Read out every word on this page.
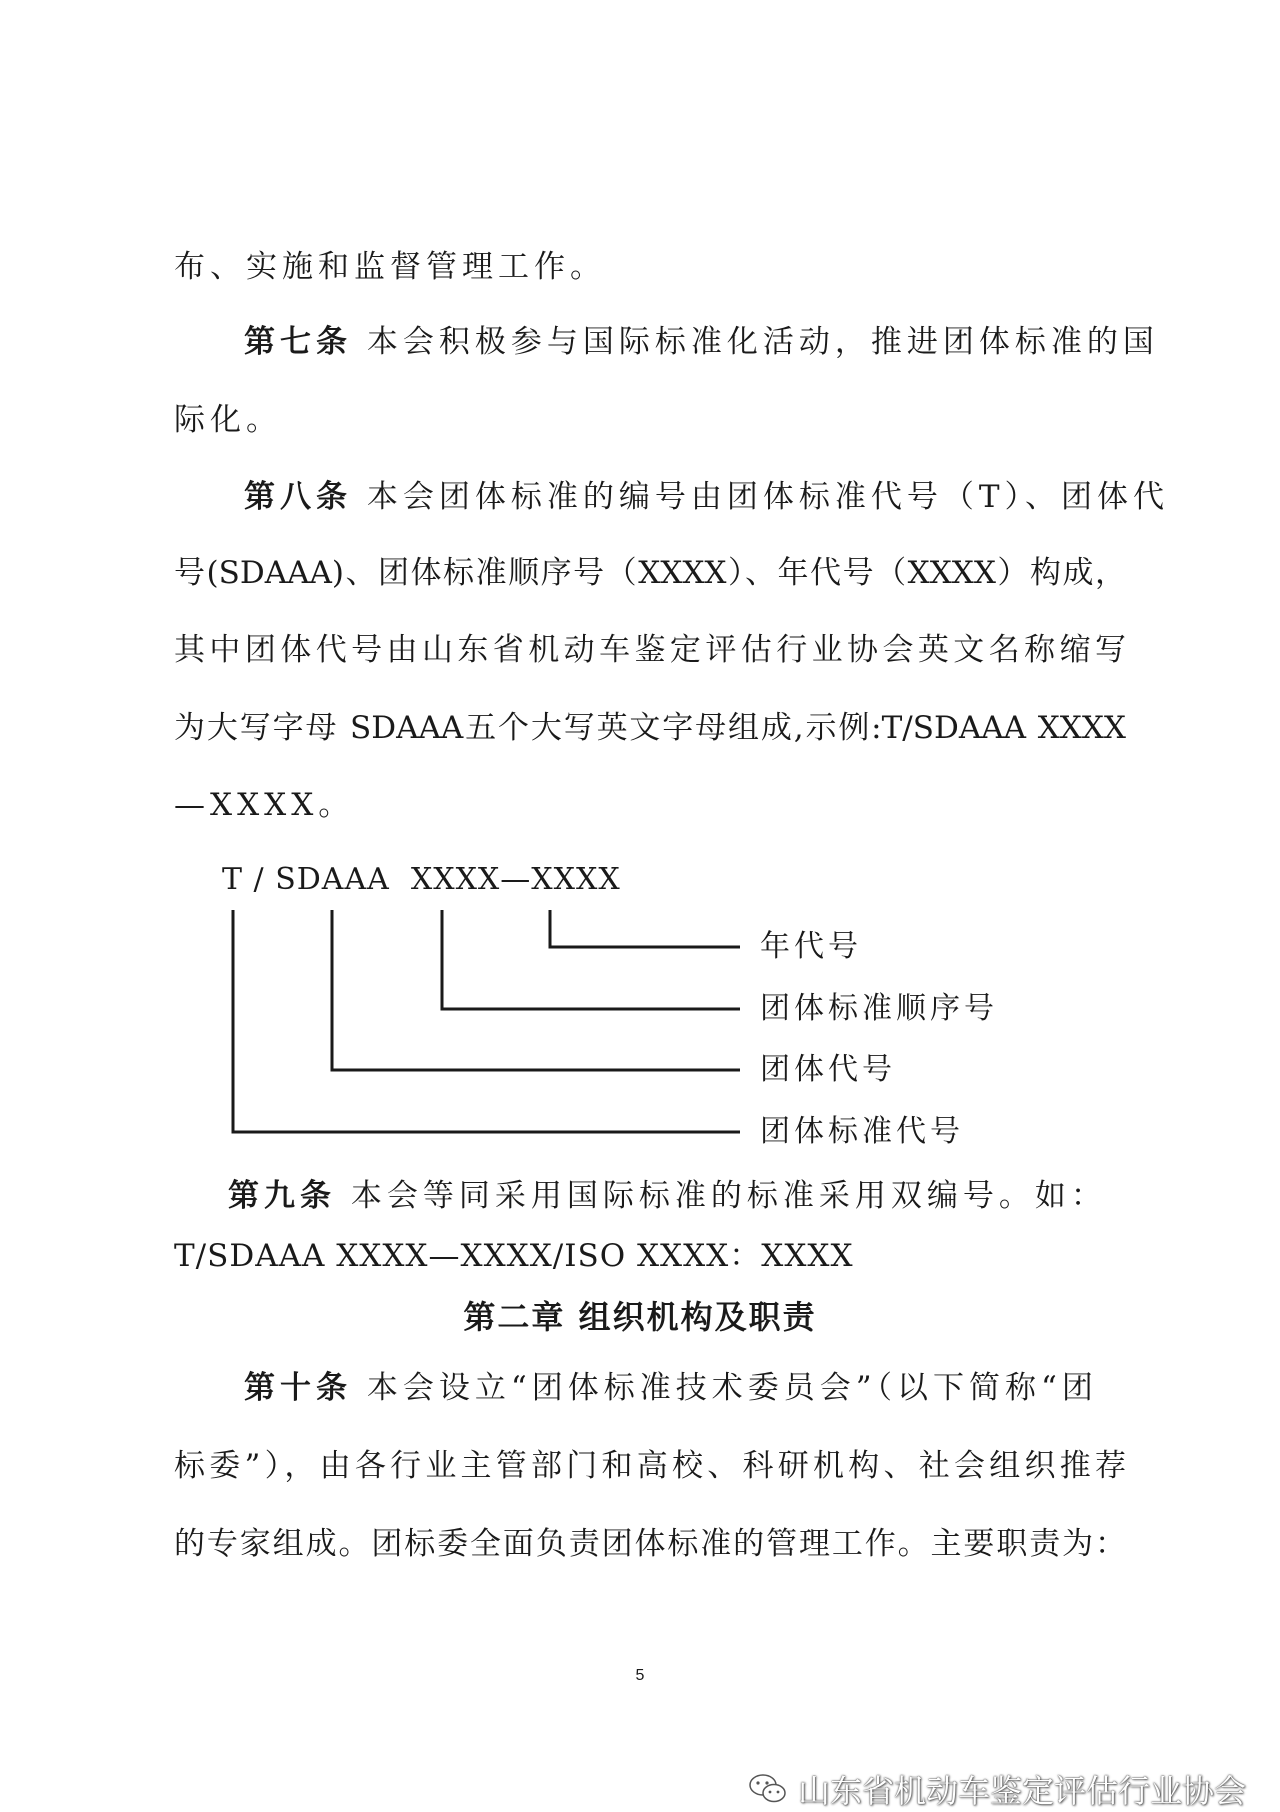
布、实施和监督管理工作。

第七条 本会积极参与国际标准化活动，推进团体标准的国

际化。

第八条 本会团体标准的编号由团体标准代号（T）、团体代

号(SDAAA)、团体标准顺序号（XXXX）、年代号（XXXX）构成，

其中团体代号由山东省机动车鉴定评估行业协会英文名称缩写

为大写字母 SDAAA五个大写英文字母组成,示例:T/SDAAA XXXX

—XXXX。

T / SDAAA  XXXX—XXXX
年代号
团体标准顺序号
团体代号
团体标准代号

第九条 本会等同采用国际标准的标准采用双编号。如：

T/SDAAA XXXX—XXXX/ISO XXXX：XXXX

第二章 组织机构及职责

第十条 本会设立“团体标准技术委员会”（以下简称“团

标委”），由各行业主管部门和高校、科研机构、社会组织推荐

的专家组成。团标委全面负责团体标准的管理工作。主要职责为：

5
山东省机动车鉴定评估行业协会
